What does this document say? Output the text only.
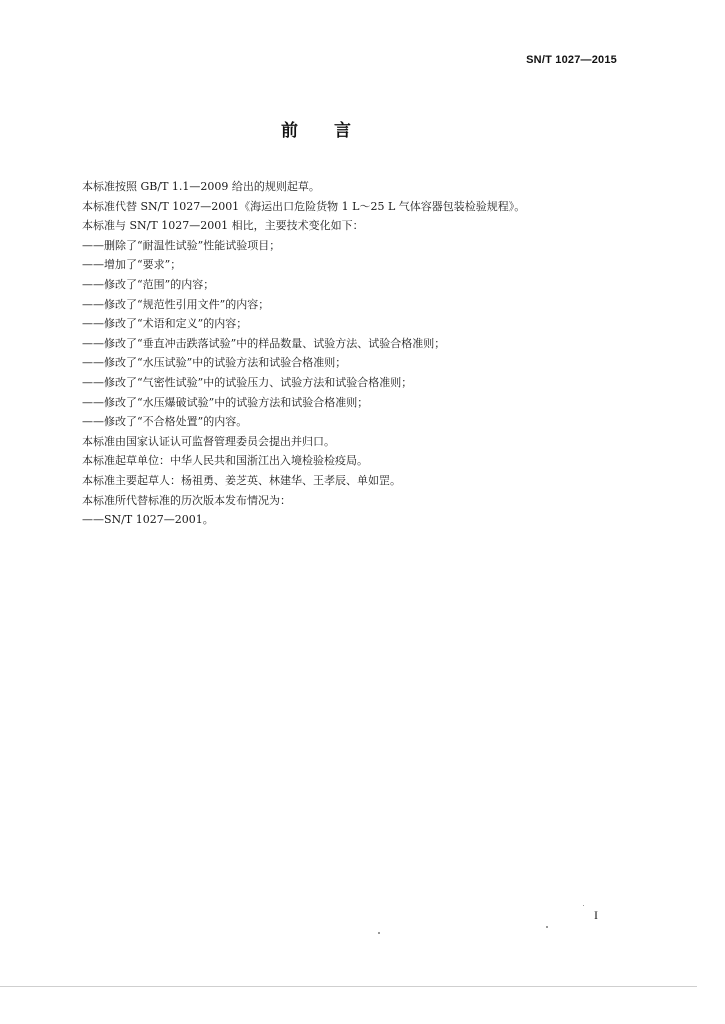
SN/T 1027—2015
前言
本标准按照 GB/T 1.1—2009 给出的规则起草。
本标准代替 SN/T 1027—2001《海运出口危险货物 1 L～25 L 气体容器包装检验规程》。
本标准与 SN/T 1027—2001 相比，主要技术变化如下：
——删除了“耐温性试验”性能试验项目；
——增加了“要求”；
——修改了“范围”的内容；
——修改了“规范性引用文件”的内容；
——修改了“术语和定义”的内容；
——修改了“垂直冲击跌落试验”中的样品数量、试验方法、试验合格准则；
——修改了“水压试验”中的试验方法和试验合格准则；
——修改了“气密性试验”中的试验压力、试验方法和试验合格准则；
——修改了“水压爆破试验”中的试验方法和试验合格准则；
——修改了“不合格处置”的内容。
本标准由国家认证认可监督管理委员会提出并归口。
本标准起草单位：中华人民共和国浙江出入境检验检疫局。
本标准主要起草人：杨祖勇、姜芝英、林建华、王孝辰、单如罡。
本标准所代替标准的历次版本发布情况为：
——SN/T 1027—2001。
I
